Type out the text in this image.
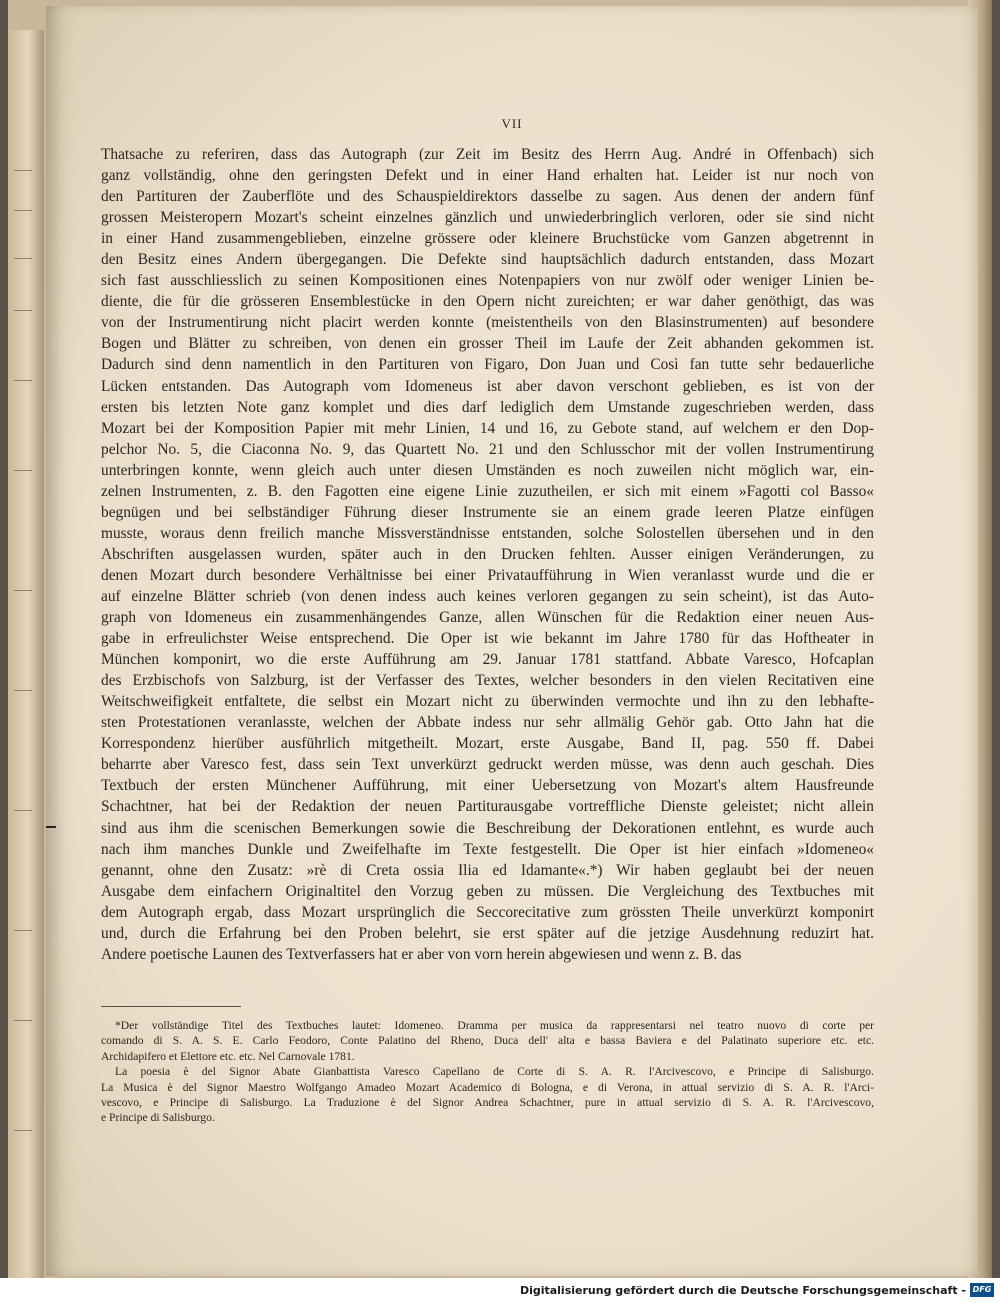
VII
Thatsache zu referiren, dass das Autograph (zur Zeit im Besitz des Herrn Aug. André in Offenbach) sich
ganz vollständig, ohne den geringsten Defekt und in einer Hand erhalten hat. Leider ist nur noch von
den Partituren der Zauberflöte und des Schauspieldirektors dasselbe zu sagen. Aus denen der andern fünf
grossen Meisteropern Mozart's scheint einzelnes gänzlich und unwiederbringlich verloren, oder sie sind nicht
in einer Hand zusammengeblieben, einzelne grössere oder kleinere Bruchstücke vom Ganzen abgetrennt in
den Besitz eines Andern übergegangen. Die Defekte sind hauptsächlich dadurch entstanden, dass Mozart
sich fast ausschliesslich zu seinen Kompositionen eines Notenpapiers von nur zwölf oder weniger Linien be-
diente, die für die grösseren Ensemblestücke in den Opern nicht zureichten; er war daher genöthigt, das was
von der Instrumentirung nicht placirt werden konnte (meistentheils von den Blasinstrumenten) auf besondere
Bogen und Blätter zu schreiben, von denen ein grosser Theil im Laufe der Zeit abhanden gekommen ist.
Dadurch sind denn namentlich in den Partituren von Figaro, Don Juan und Così fan tutte sehr bedauerliche
Lücken entstanden. Das Autograph vom Idomeneus ist aber davon verschont geblieben, es ist von der
ersten bis letzten Note ganz komplet und dies darf lediglich dem Umstande zugeschrieben werden, dass
Mozart bei der Komposition Papier mit mehr Linien, 14 und 16, zu Gebote stand, auf welchem er den Dop-
pelchor No. 5, die Ciaconna No. 9, das Quartett No. 21 und den Schlusschor mit der vollen Instrumentirung
unterbringen konnte, wenn gleich auch unter diesen Umständen es noch zuweilen nicht möglich war, ein-
zelnen Instrumenten, z. B. den Fagotten eine eigene Linie zuzutheilen, er sich mit einem »Fagotti col Basso«
begnügen und bei selbständiger Führung dieser Instrumente sie an einem grade leeren Platze einfügen
musste, woraus denn freilich manche Missverständnisse entstanden, solche Solostellen übersehen und in den
Abschriften ausgelassen wurden, später auch in den Drucken fehlten. Ausser einigen Veränderungen, zu
denen Mozart durch besondere Verhältnisse bei einer Privataufführung in Wien veranlasst wurde und die er
auf einzelne Blätter schrieb (von denen indess auch keines verloren gegangen zu sein scheint), ist das Auto-
graph von Idomeneus ein zusammenhängendes Ganze, allen Wünschen für die Redaktion einer neuen Aus-
gabe in erfreulichster Weise entsprechend. Die Oper ist wie bekannt im Jahre 1780 für das Hoftheater in
München komponirt, wo die erste Aufführung am 29. Januar 1781 stattfand. Abbate Varesco, Hofcaplan
des Erzbischofs von Salzburg, ist der Verfasser des Textes, welcher besonders in den vielen Recitativen eine
Weitschweifigkeit entfaltete, die selbst ein Mozart nicht zu überwinden vermochte und ihn zu den lebhafte-
sten Protestationen veranlasste, welchen der Abbate indess nur sehr allmälig Gehör gab. Otto Jahn hat die
Korrespondenz hierüber ausführlich mitgetheilt. Mozart, erste Ausgabe, Band II, pag. 550 ff. Dabei
beharrte aber Varesco fest, dass sein Text unverkürzt gedruckt werden müsse, was denn auch geschah. Dies
Textbuch der ersten Münchener Aufführung, mit einer Uebersetzung von Mozart's altem Hausfreunde
Schachtner, hat bei der Redaktion der neuen Partiturausgabe vortreffliche Dienste geleistet; nicht allein
sind aus ihm die scenischen Bemerkungen sowie die Beschreibung der Dekorationen entlehnt, es wurde auch
nach ihm manches Dunkle und Zweifelhafte im Texte festgestellt. Die Oper ist hier einfach »Idomeneo«
genannt, ohne den Zusatz: »rè di Creta ossia Ilia ed Idamante«.*) Wir haben geglaubt bei der neuen
Ausgabe dem einfachern Originaltitel den Vorzug geben zu müssen. Die Vergleichung des Textbuches mit
dem Autograph ergab, dass Mozart ursprünglich die Seccorecitative zum grössten Theile unverkürzt komponirt
und, durch die Erfahrung bei den Proben belehrt, sie erst später auf die jetzige Ausdehnung reduzirt hat.
Andere poetische Launen des Textverfassers hat er aber von vorn herein abgewiesen und wenn z. B. das
*Der vollständige Titel des Textbuches lautet: Idomeneo. Dramma per musica da rappresentarsi nel teatro nuovo di corte per
comando di S. A. S. E. Carlo Feodoro, Conte Palatino del Rheno, Duca dell' alta e bassa Baviera e del Palatinato superiore etc. etc.
Archidapifero et Elettore etc. etc. Nel Carnovale 1781.
La poesia è del Signor Abate Gianbattista Varesco Capellano de Corte di S. A. R. l'Arcivescovo, e Principe di Salisburgo.
La Musica è del Signor Maestro Wolfgango Amadeo Mozart Academico di Bologna, e di Verona, in attual servizio di S. A. R. l'Arci-
vescovo, e Principe di Salisburgo. La Traduzione è del Signor Andrea Schachtner, pure in attual servizio di S. A. R. l'Arcivescovo,
e Principe di Salisburgo.
Digitalisierung gefördert durch die Deutsche Forschungsgemeinschaft - DFG
